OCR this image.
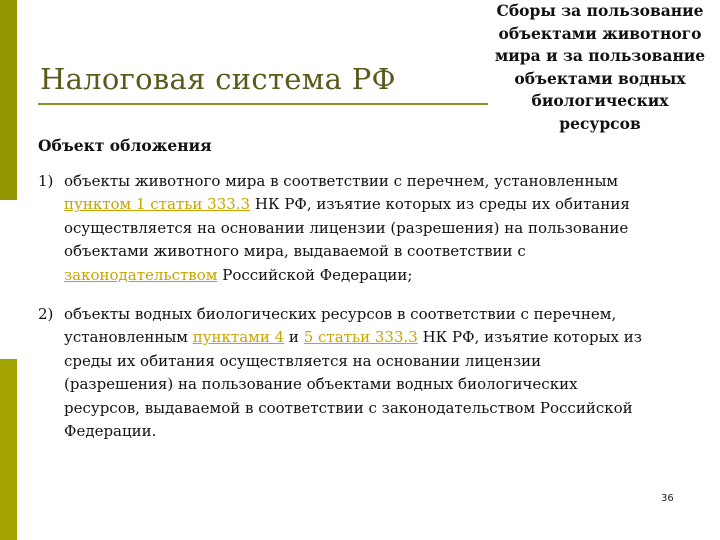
Налоговая система РФ
Сборы за пользование
объектами животного
мира и за пользование
объектами водных
биологических
ресурсов
Объект обложения
1) объекты животного мира в соответствии с перечнем, установленным
пунктом 1 статьи 333.3 НК РФ, изъятие которых из среды их обитания
осуществляется на основании лицензии (разрешения) на пользование
объектами животного мира, выдаваемой в соответствии с
законодательством Российской Федерации;
2) объекты водных биологических ресурсов в соответствии с перечнем,
установленным пунктами 4 и 5 статьи 333.3 НК РФ, изъятие которых из
среды их обитания осуществляется на основании лицензии
(разрешения) на пользование объектами водных биологических
ресурсов, выдаваемой в соответствии с законодательством Российской
Федерации.
36
